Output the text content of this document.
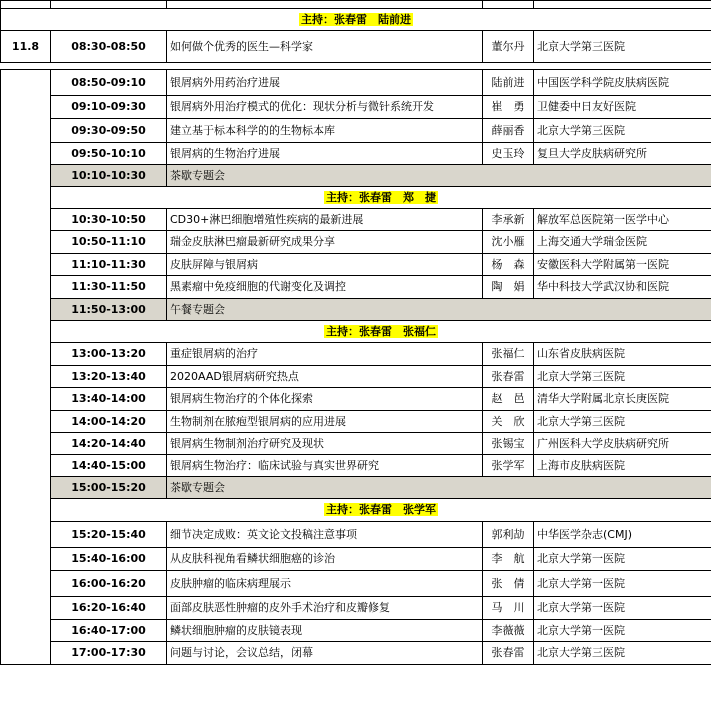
主持：张春雷　陆前进				
11.8	08:30-08:50	如何做个优秀的医生—科学家	董尔丹	北京大学第三医院
	08:50-09:10	银屑病外用药治疗进展	陆前进	中国医学科学院皮肤病医院
	09:10-09:30	银屑病外用治疗模式的优化：现状分析与微针系统开发	崔　勇	卫健委中日友好医院
	09:30-09:50	建立基于标本科学的的生物标本库	薛丽香	北京大学第三医院
	09:50-10:10	银屑病的生物治疗进展	史玉玲	复旦大学皮肤病研究所
	10:10-10:30	茶歇专题会		
	主持：张春雷　郑　捷			
	10:30-10:50	CD30+淋巴细胞增殖性疾病的最新进展	李承新	解放军总医院第一医学中心
	10:50-11:10	瑞金皮肤淋巴瘤最新研究成果分享	沈小雁	上海交通大学瑞金医院
	11:10-11:30	皮肤屏障与银屑病	杨　森	安徽医科大学附属第一医院
	11:30-11:50	黑素瘤中免疫细胞的代谢变化及调控	陶　娟	华中科技大学武汉协和医院
	11:50-13:00	午餐专题会		
	主持：张春雷　张福仁			
	13:00-13:20	重症银屑病的治疗	张福仁	山东省皮肤病医院
	13:20-13:40	2020AAD银屑病研究热点	张春雷	北京大学第三医院
	13:40-14:00	银屑病生物治疗的个体化探索	赵　邑	清华大学附属北京长庚医院
	14:00-14:20	生物制剂在脓疱型银屑病的应用进展	关　欣	北京大学第三医院
	14:20-14:40	银屑病生物制剂治疗研究及现状	张锡宝	广州医科大学皮肤病研究所
	14:40-15:00	银屑病生物治疗：临床试验与真实世界研究	张学军	上海市皮肤病医院
	15:00-15:20	茶歇专题会		
	主持：张春雷　张学军			
	15:20-15:40	细节决定成败：英文论文投稿注意事项	郭利劼	中华医学杂志(CMJ)
	15:40-16:00	从皮肤科视角看鳞状细胞癌的诊治	李　航	北京大学第一医院
	16:00-16:20	皮肤肿瘤的临床病理展示	张　倩	北京大学第一医院
	16:20-16:40	面部皮肤恶性肿瘤的皮外手术治疗和皮瓣修复	马　川	北京大学第一医院
	16:40-17:00	鳞状细胞肿瘤的皮肤镜表现	李薇薇	北京大学第一医院
	17:00-17:30	问题与讨论，会议总结，闭幕	张春雷	北京大学第三医院
